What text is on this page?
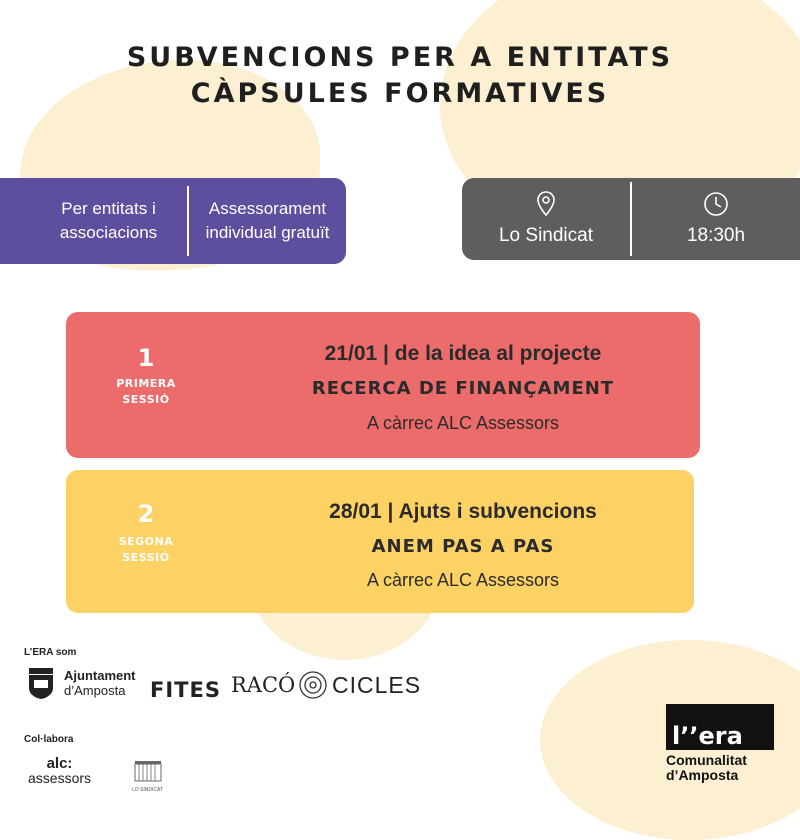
SUBVENCIONS PER A ENTITATS
CÀPSULES FORMATIVES
Per entitats i
associacions
Assessorament
individual gratuït	Lo Sindicat	18:30h
1
PRIMERA
SESSIÓ
21/01 | de la idea al projecte
RECERCA DE FINANÇAMENT
A càrrec ALC Assessors
2
SEGONA
SESSIÓ
28/01 | Ajuts i subvencions
ANEM PAS A PAS
A càrrec ALC Assessors
L’ERA som
Ajuntament
d’Amposta	FITES RACÓ CICLES
Col·labora
alc:
assessors
LO SINDICAT
l’’era
Comunalitat
d’Amposta
